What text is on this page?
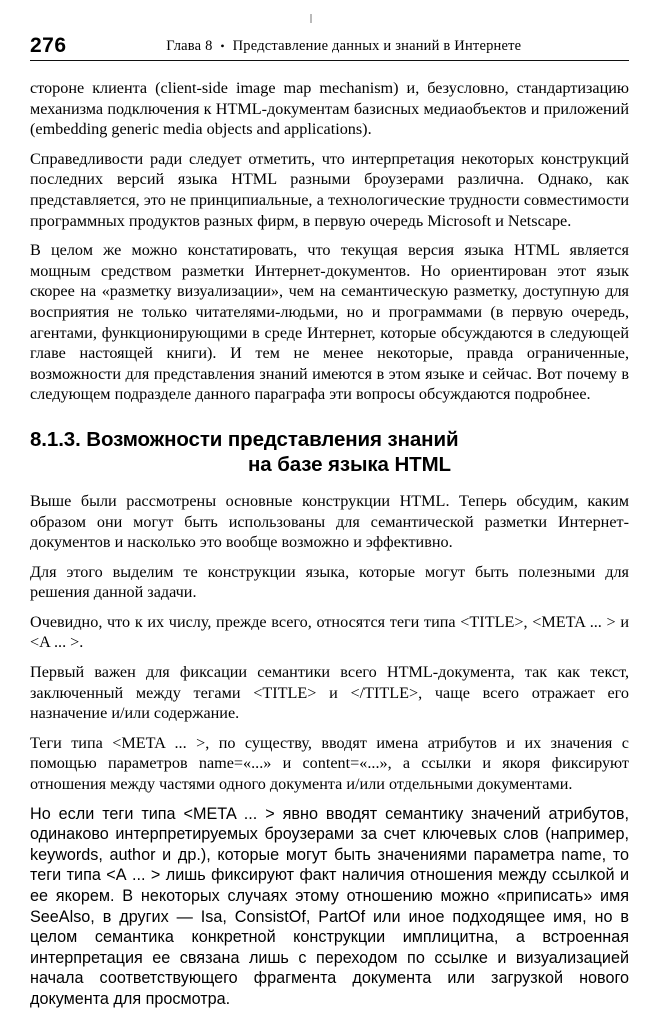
276	Глава 8 • Представление данных и знаний в Интернете

стороне клиента (client-side image map mechanism) и, безусловно, стандартизацию механизма подключения к HTML-документам базисных медиаобъектов и приложений (embedding generic media objects and applications).

Справедливости ради следует отметить, что интерпретация некоторых конструкций последних версий языка HTML разными броузерами различна. Однако, как представляется, это не принципиальные, а технологические трудности совместимости программных продуктов разных фирм, в первую очередь Microsoft и Netscape.

В целом же можно констатировать, что текущая версия языка HTML является мощным средством разметки Интернет-документов. Но ориентирован этот язык скорее на «разметку визуализации», чем на семантическую разметку, доступную для восприятия не только читателями-людьми, но и программами (в первую очередь, агентами, функционирующими в среде Интернет, которые обсуждаются в следующей главе настоящей книги). И тем не менее некоторые, правда ограниченные, возможности для представления знаний имеются в этом языке и сейчас. Вот почему в следующем подразделе данного параграфа эти вопросы обсуждаются подробнее.

8.1.3. Возможности представления знаний
на базе языка HTML

Выше были рассмотрены основные конструкции HTML. Теперь обсудим, каким образом они могут быть использованы для семантической разметки Интернет-документов и насколько это вообще возможно и эффективно.

Для этого выделим те конструкции языка, которые могут быть полезными для решения данной задачи.

Очевидно, что к их числу, прежде всего, относятся теги типа <TITLE>, <META ... > и <A ... >.

Первый важен для фиксации семантики всего HTML-документа, так как текст, заключенный между тегами <TITLE> и </TITLE>, чаще всего отражает его назначение и/или содержание.

Теги типа <META ... >, по существу, вводят имена атрибутов и их значения с помощью параметров name=«...» и content=«...», а ссылки и якоря фиксируют отношения между частями одного документа и/или отдельными документами.

Но если теги типа <META ... > явно вводят семантику значений атрибутов, одинаково интерпретируемых броузерами за счет ключевых слов (например, keywords, author и др.), которые могут быть значениями параметра name, то теги типа <А ... > лишь фиксируют факт наличия отношения между ссылкой и ее якорем. В некоторых случаях этому отношению можно «приписать» имя SeeAlso, в других — Isa, ConsistOf, PartOf или иное подходящее имя, но в целом семантика конкретной конструкции имплицитна, а встроенная интерпретация ее связана лишь с переходом по ссылке и визуализацией начала соответствующего фрагмента документа или загрузкой нового документа для просмотра.
